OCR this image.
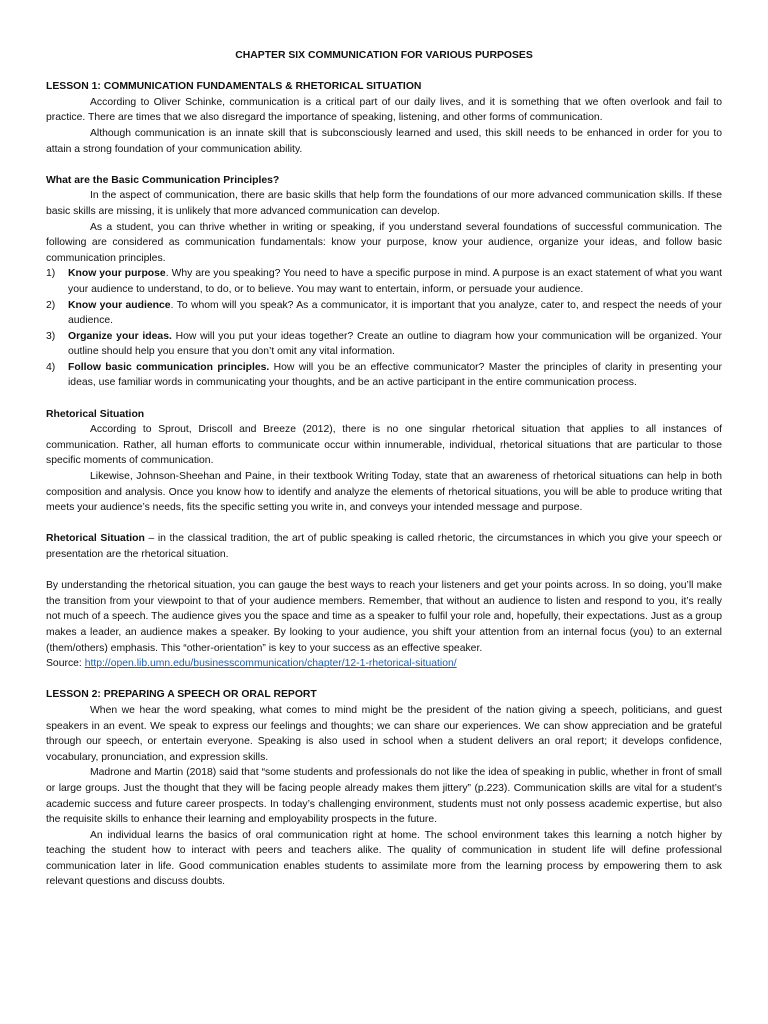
CHAPTER SIX COMMUNICATION FOR VARIOUS PURPOSES

LESSON 1: COMMUNICATION FUNDAMENTALS & RHETORICAL SITUATION

According to Oliver Schinke, communication is a critical part of our daily lives, and it is something that we often overlook and fail to practice. There are times that we also disregard the importance of speaking, listening, and other forms of communication.

Although communication is an innate skill that is subconsciously learned and used, this skill needs to be enhanced in order for you to attain a strong foundation of your communication ability.

What are the Basic Communication Principles?

In the aspect of communication, there are basic skills that help form the foundations of our more advanced communication skills. If these basic skills are missing, it is unlikely that more advanced communication can develop.

As a student, you can thrive whether in writing or speaking, if you understand several foundations of successful communication. The following are considered as communication fundamentals: know your purpose, know your audience, organize your ideas, and follow basic communication principles.

1) Know your purpose. Why are you speaking? You need to have a specific purpose in mind. A purpose is an exact statement of what you want your audience to understand, to do, or to believe. You may want to entertain, inform, or persuade your audience.
2) Know your audience. To whom will you speak? As a communicator, it is important that you analyze, cater to, and respect the needs of your audience.
3) Organize your ideas. How will you put your ideas together? Create an outline to diagram how your communication will be organized. Your outline should help you ensure that you don’t omit any vital information.
4) Follow basic communication principles. How will you be an effective communicator? Master the principles of clarity in presenting your ideas, use familiar words in communicating your thoughts, and be an active participant in the entire communication process.

Rhetorical Situation

According to Sprout, Driscoll and Breeze (2012), there is no one singular rhetorical situation that applies to all instances of communication. Rather, all human efforts to communicate occur within innumerable, individual, rhetorical situations that are particular to those specific moments of communication.

Likewise, Johnson-Sheehan and Paine, in their textbook Writing Today, state that an awareness of rhetorical situations can help in both composition and analysis. Once you know how to identify and analyze the elements of rhetorical situations, you will be able to produce writing that meets your audience’s needs, fits the specific setting you write in, and conveys your intended message and purpose.

Rhetorical Situation – in the classical tradition, the art of public speaking is called rhetoric, the circumstances in which you give your speech or presentation are the rhetorical situation.

By understanding the rhetorical situation, you can gauge the best ways to reach your listeners and get your points across. In so doing, you’ll make the transition from your viewpoint to that of your audience members. Remember, that without an audience to listen and respond to you, it’s really not much of a speech. The audience gives you the space and time as a speaker to fulfil your role and, hopefully, their expectations. Just as a group makes a leader, an audience makes a speaker. By looking to your audience, you shift your attention from an internal focus (you) to an external (them/others) emphasis. This “other-orientation” is key to your success as an effective speaker.

Source: http://open.lib.umn.edu/businesscommunication/chapter/12-1-rhetorical-situation/

LESSON 2: PREPARING A SPEECH OR ORAL REPORT

When we hear the word speaking, what comes to mind might be the president of the nation giving a speech, politicians, and guest speakers in an event. We speak to express our feelings and thoughts; we can share our experiences. We can show appreciation and be grateful through our speech, or entertain everyone. Speaking is also used in school when a student delivers an oral report; it develops confidence, vocabulary, pronunciation, and expression skills.

Madrone and Martin (2018) said that “some students and professionals do not like the idea of speaking in public, whether in front of small or large groups. Just the thought that they will be facing people already makes them jittery” (p.223). Communication skills are vital for a student’s academic success and future career prospects. In today’s challenging environment, students must not only possess academic expertise, but also the requisite skills to enhance their learning and employability prospects in the future.

An individual learns the basics of oral communication right at home. The school environment takes this learning a notch higher by teaching the student how to interact with peers and teachers alike. The quality of communication in student life will define professional communication later in life. Good communication enables students to assimilate more from the learning process by empowering them to ask relevant questions and discuss doubts.
